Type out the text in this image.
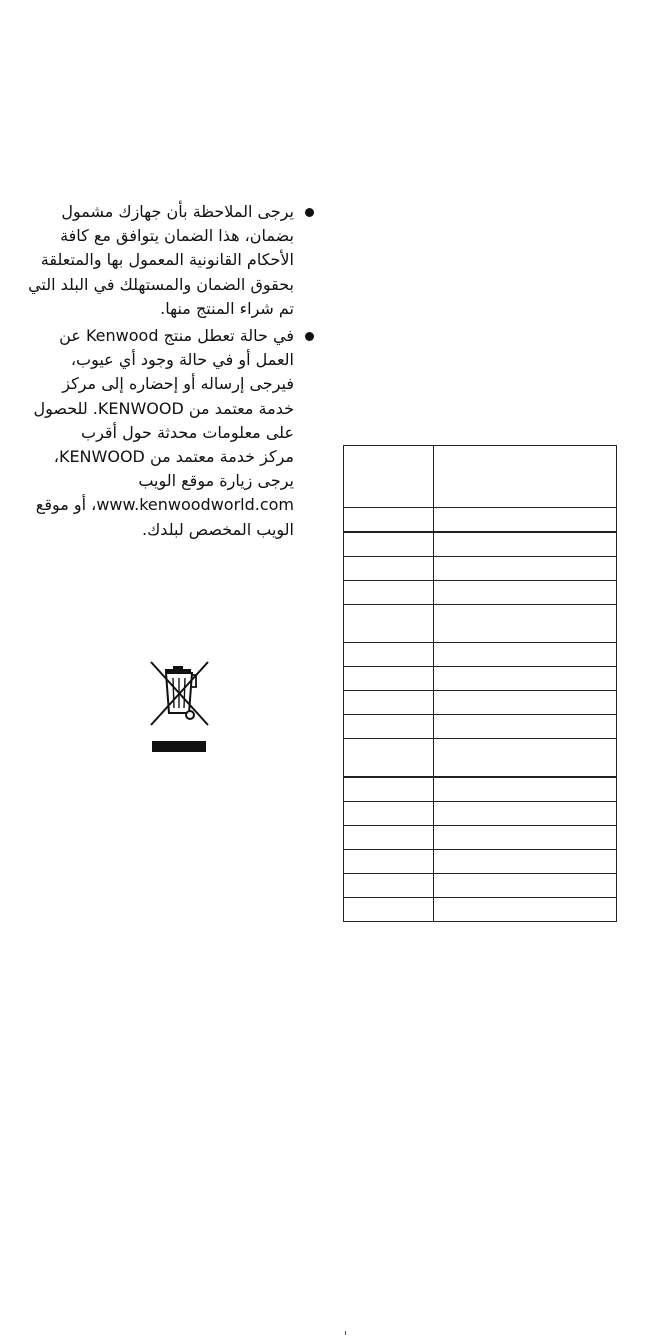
يرجى الملاحظة بأن جهازك مشمول
بضمان، هذا الضمان يتوافق مع كافة
الأحكام القانونية المعمول بها والمتعلقة
بحقوق الضمان والمستهلك في البلد التي
تم شراء المنتج منها.
في حالة تعطل منتج Kenwood عن
العمل أو في حالة وجود أي عيوب،
فيرجى إرساله أو إحضاره إلى مركز
خدمة معتمد من KENWOOD. للحصول
على معلومات محدثة حول أقرب
مركز خدمة معتمد من KENWOOD،
يرجى زيارة موقع الويب
www.kenwoodworld.com، أو موقع
الويب المخصص لبلدك.
